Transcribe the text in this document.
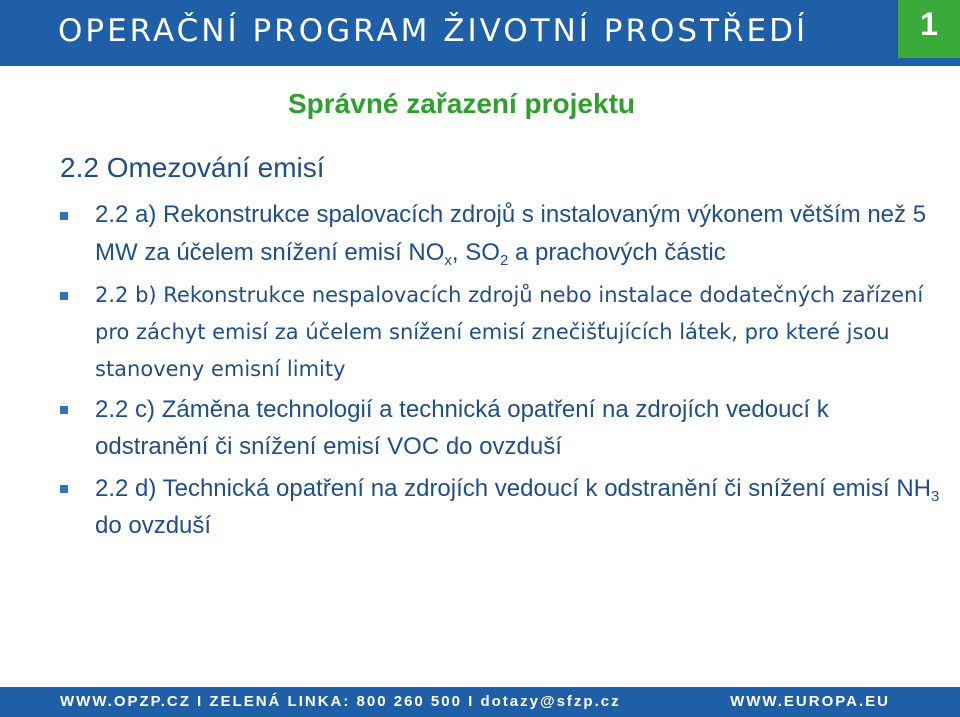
OPERAČNÍ PROGRAM ŽIVOTNÍ PROSTŘEDÍ	1
Správné zařazení projektu
2.2 Omezování emisí
2.2 a) Rekonstrukce spalovacích zdrojů s instalovaným výkonem větším než 5 MW za účelem snížení emisí $NO_x$, $SO_2$ a prachových částic
2.2 b) Rekonstrukce nespalovacích zdrojů nebo instalace dodatečných zařízení pro záchyt emisí za účelem snížení emisí znečišťujících látek, pro které jsou stanoveny emisní limity
2.2 c) Záměna technologií a technická opatření na zdrojích vedoucí k odstranění či snížení emisí VOC do ovzduší
2.2 d) Technická opatření na zdrojích vedoucí k odstranění či snížení emisí $NH_3$ do ovzduší
WWW.OPZP.CZ I ZELENÁ LINKA: 800 260 500 I dotazy@sfzp.cz	WWW.EUROPA.EU
